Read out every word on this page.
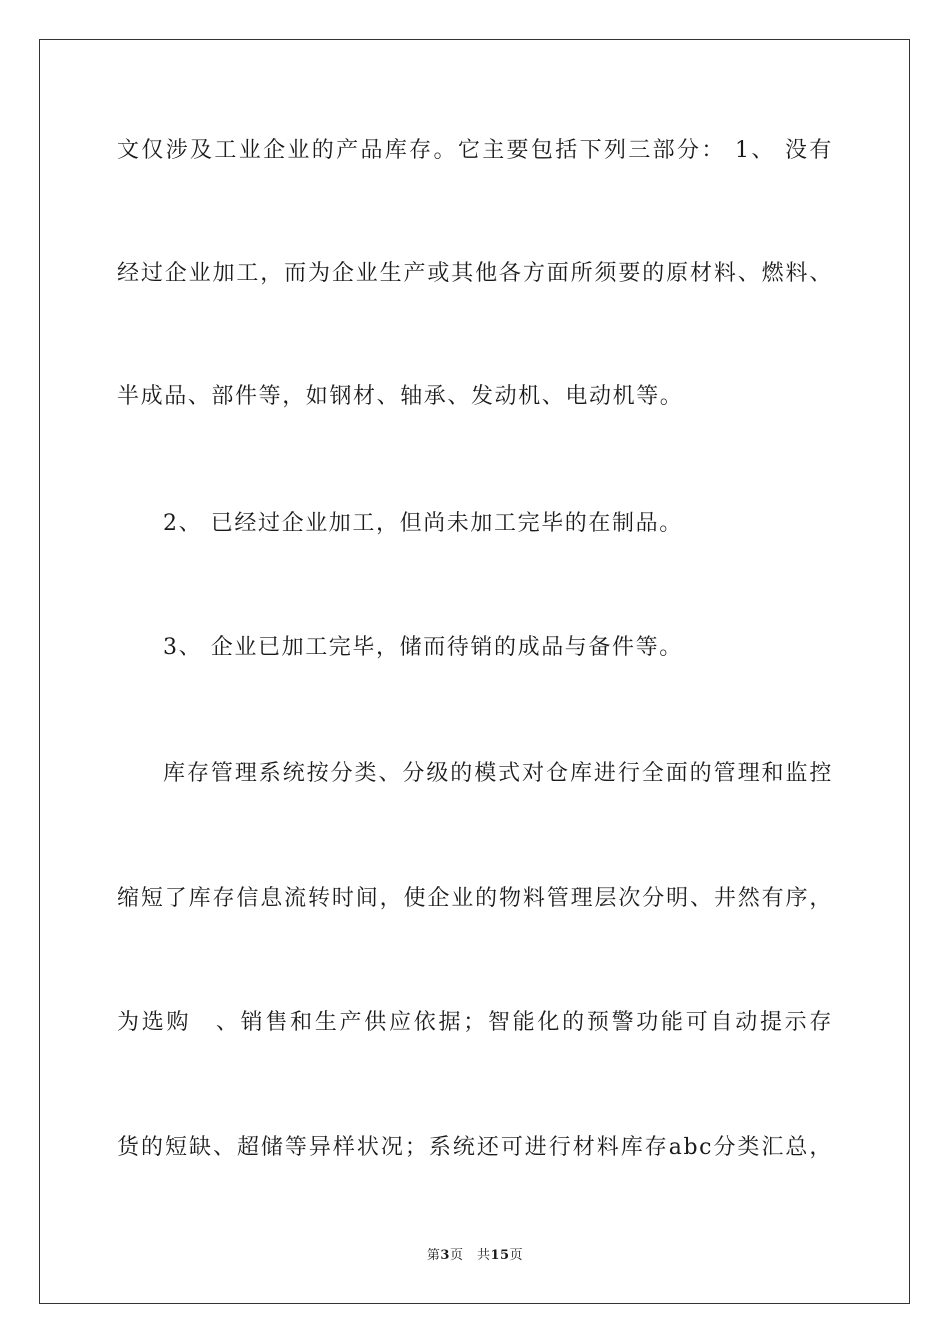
文仅涉及工业企业的产品库存。它主要包括下列三部分： 1、 没有
经过企业加工，而为企业生产或其他各方面所须要的原材料、燃料、
半成品、部件等，如钢材、轴承、发动机、电动机等。
2、 已经过企业加工，但尚未加工完毕的在制品。
3、 企业已加工完毕，储而待销的成品与备件等。
库存管理系统按分类、分级的模式对仓库进行全面的管理和监控
缩短了库存信息流转时间，使企业的物料管理层次分明、井然有序，
为选购　、销售和生产供应依据；智能化的预警功能可自动提示存
货的短缺、超储等异样状况；系统还可进行材料库存abc分类汇总，
第3页　共15页
